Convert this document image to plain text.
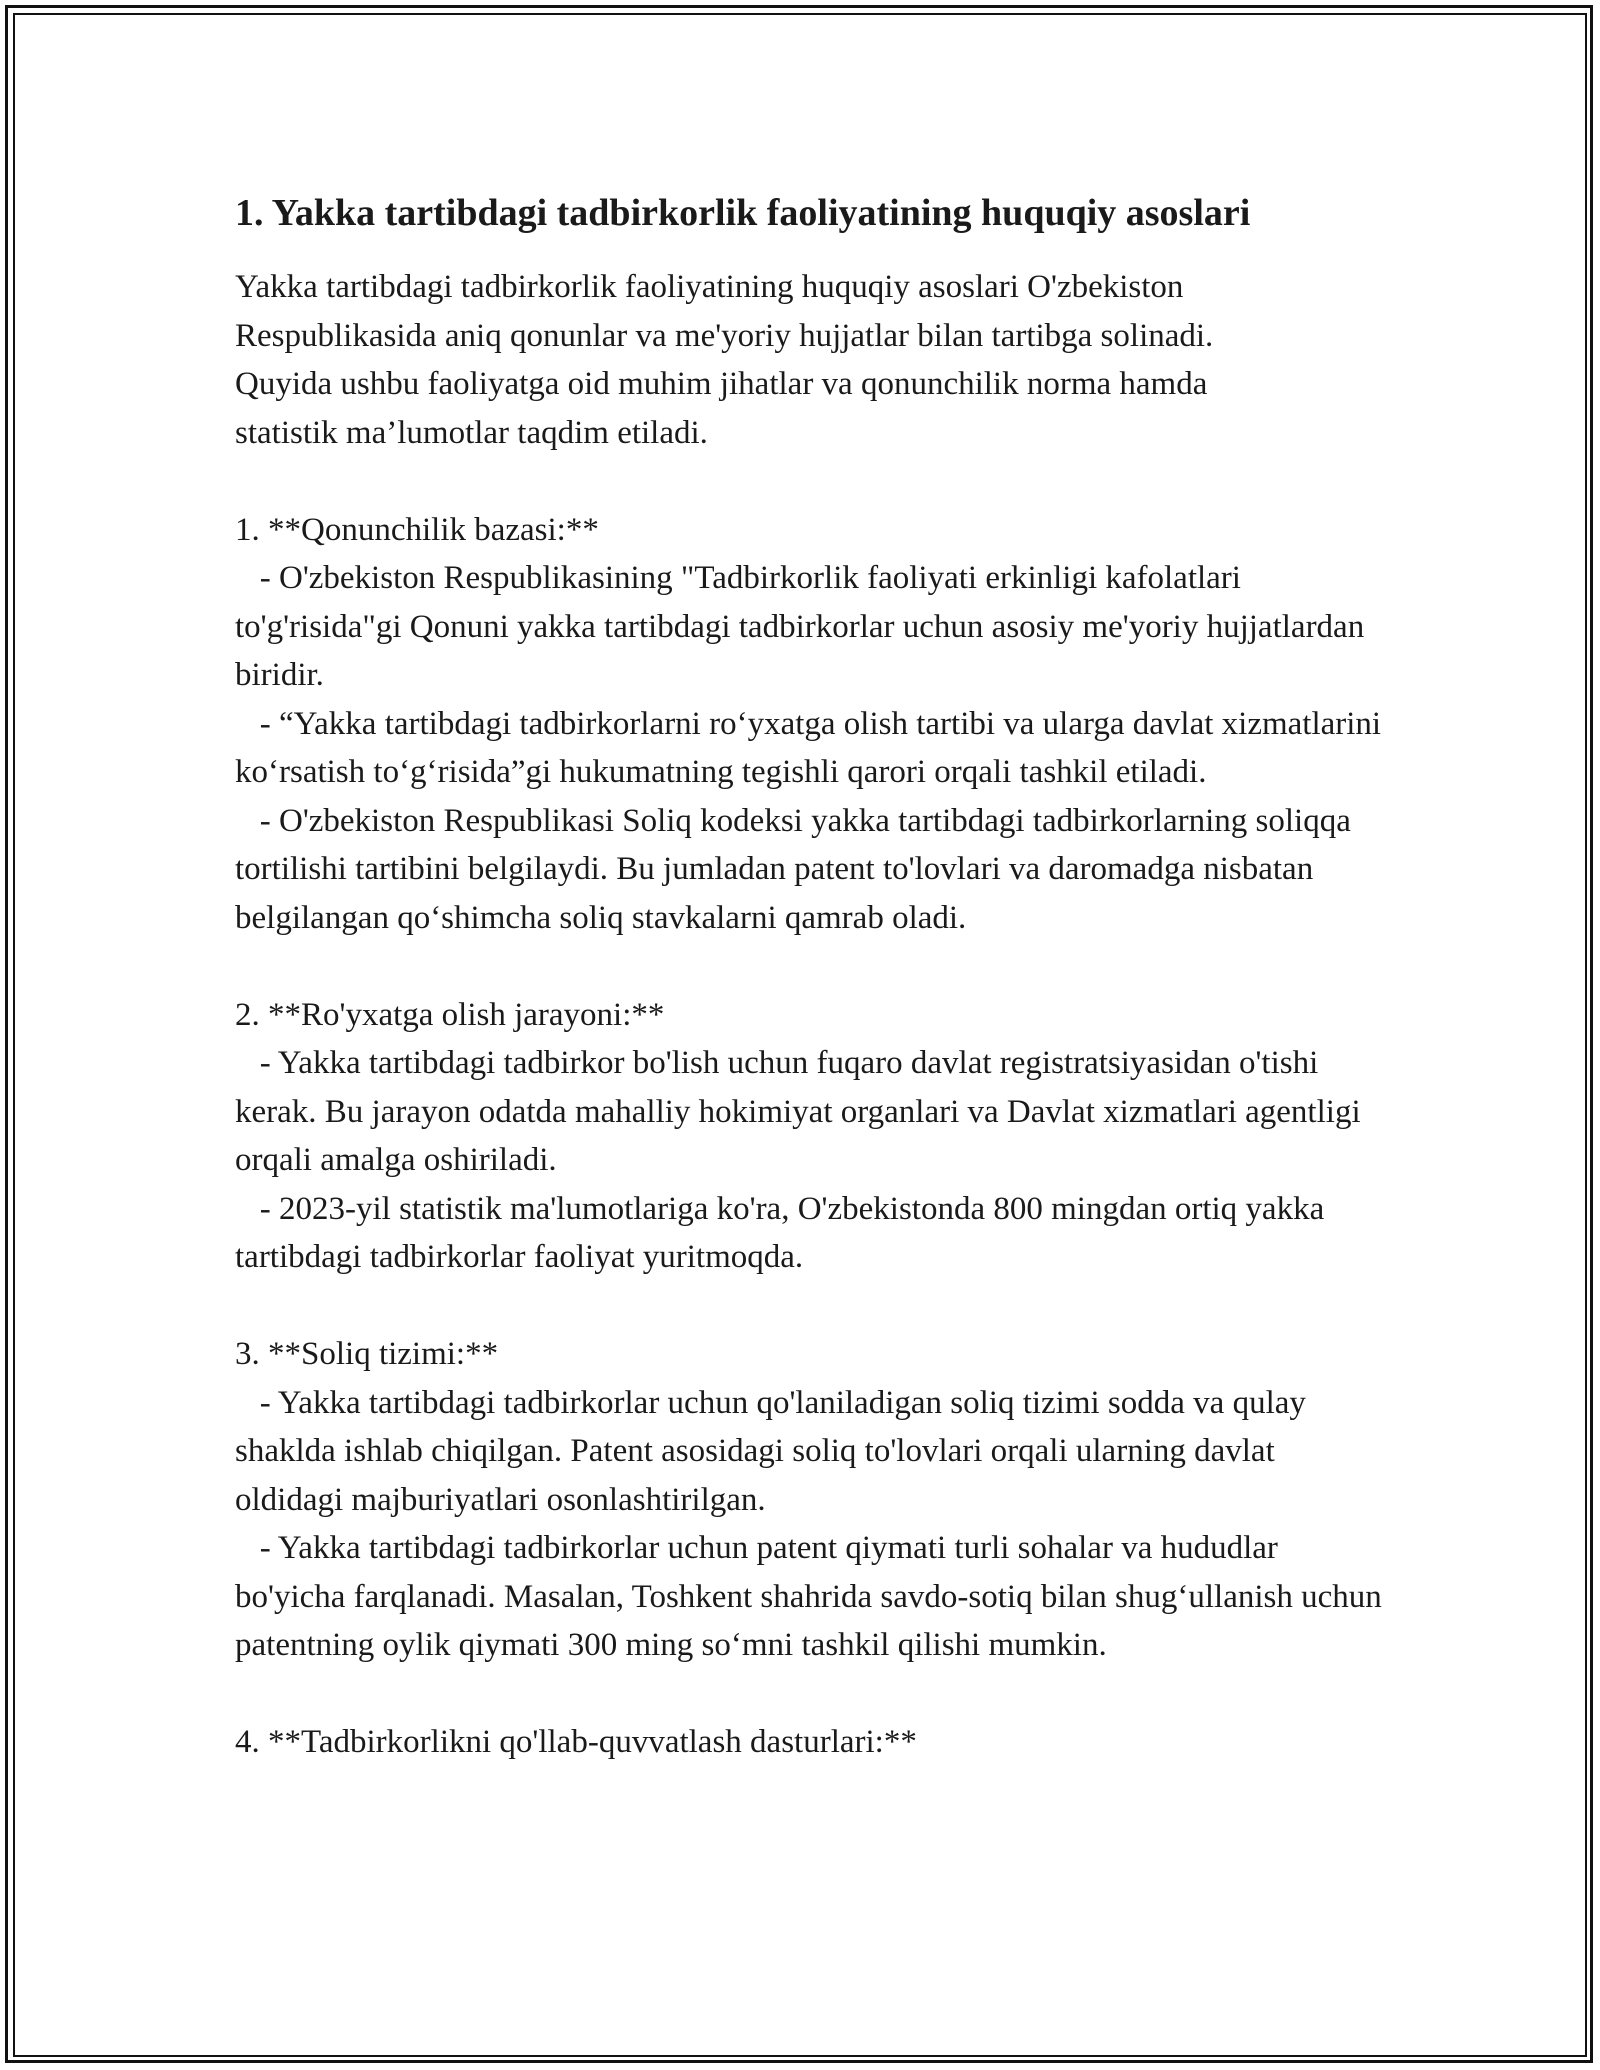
1. Yakka tartibdagi tadbirkorlik faoliyatining huquqiy asoslari

Yakka tartibdagi tadbirkorlik faoliyatining huquqiy asoslari O'zbekiston

Respublikasida aniq qonunlar va me'yoriy hujjatlar bilan tartibga solinadi.

Quyida ushbu faoliyatga oid muhim jihatlar va qonunchilik norma hamda

statistik ma’lumotlar taqdim etiladi.

1. **Qonunchilik bazasi:**

- O'zbekiston Respublikasining "Tadbirkorlik faoliyati erkinligi kafolatlari to'g'risida"gi Qonuni yakka tartibdagi tadbirkorlar uchun asosiy me'yoriy hujjatlardan biridir.

- “Yakka tartibdagi tadbirkorlarni ro‘yxatga olish tartibi va ularga davlat xizmatlarini ko‘rsatish to‘g‘risida”gi hukumatning tegishli qarori orqali tashkil etiladi.

- O'zbekiston Respublikasi Soliq kodeksi yakka tartibdagi tadbirkorlarning soliqqa tortilishi tartibini belgilaydi. Bu jumladan patent to'lovlari va daromadga nisbatan belgilangan qo‘shimcha soliq stavkalarni qamrab oladi.

2. **Ro'yxatga olish jarayoni:**

- Yakka tartibdagi tadbirkor bo'lish uchun fuqaro davlat registratsiyasidan o'tishi kerak. Bu jarayon odatda mahalliy hokimiyat organlari va Davlat xizmatlari agentligi orqali amalga oshiriladi.

- 2023-yil statistik ma'lumotlariga ko'ra, O'zbekistonda 800 mingdan ortiq yakka tartibdagi tadbirkorlar faoliyat yuritmoqda.

3. **Soliq tizimi:**

- Yakka tartibdagi tadbirkorlar uchun qo'laniladigan soliq tizimi sodda va qulay shaklda ishlab chiqilgan. Patent asosidagi soliq to'lovlari orqali ularning davlat oldidagi majburiyatlari osonlashtirilgan.

- Yakka tartibdagi tadbirkorlar uchun patent qiymati turli sohalar va hududlar bo'yicha farqlanadi. Masalan, Toshkent shahrida savdo-sotiq bilan shug‘ullanish uchun patentning oylik qiymati 300 ming so‘mni tashkil qilishi mumkin.

4. **Tadbirkorlikni qo'llab-quvvatlash dasturlari:**
